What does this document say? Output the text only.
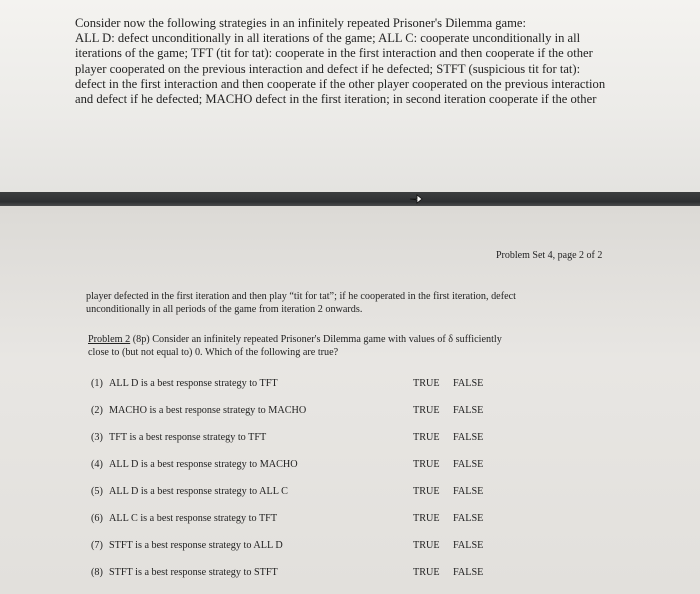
Consider now the following strategies in an infinitely repeated Prisoner's Dilemma game:
ALL D: defect unconditionally in all iterations of the game; ALL C: cooperate unconditionally in all
iterations of the game; TFT (tit for tat): cooperate in the first interaction and then cooperate if the other
player cooperated on the previous interaction and defect if he defected; STFT (suspicious tit for tat):
defect in the first interaction and then cooperate if the other player cooperated on the previous interaction
and defect if he defected; MACHO defect in the first iteration; in second iteration cooperate if the other
Problem Set 4, page 2 of 2
player defected in the first iteration and then play “tit for tat”; if he cooperated in the first iteration, defect
unconditionally in all periods of the game from iteration 2 onwards.
Problem 2 (8p) Consider an infinitely repeated Prisoner's Dilemma game with values of δ sufficiently
close to (but not equal to) 0. Which of the following are true?
(1) ALL D is a best response strategy to TFT	TRUE FALSE
(2) MACHO is a best response strategy to MACHO	TRUE FALSE
(3) TFT is a best response strategy to TFT	TRUE FALSE
(4) ALL D is a best response strategy to MACHO	TRUE FALSE
(5) ALL D is a best response strategy to ALL C	TRUE FALSE
(6) ALL C is a best response strategy to TFT	TRUE FALSE
(7) STFT is a best response strategy to ALL D	TRUE FALSE
(8) STFT is a best response strategy to STFT	TRUE FALSE
